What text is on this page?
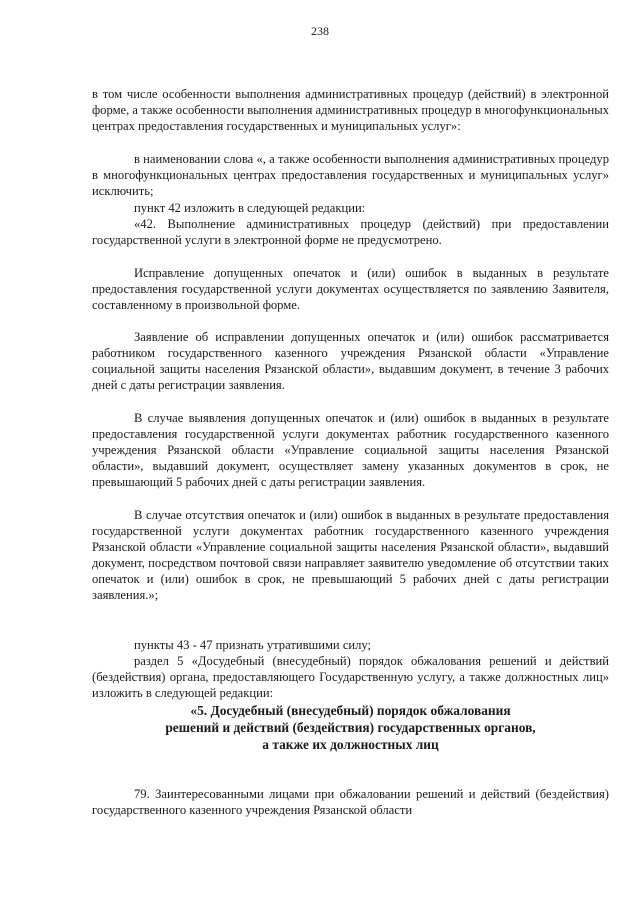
238

в том числе особенности выполнения административных процедур (действий) в электронной форме, а также особенности выполнения административных процедур в многофункциональных центрах предоставления государственных и муниципальных услуг»:

в наименовании слова «, а также особенности выполнения административных процедур в многофункциональных центрах предоставления государственных и муниципальных услуг» исключить;

пункт 42 изложить в следующей редакции:

«42. Выполнение административных процедур (действий) при предоставлении государственной услуги в электронной форме не предусмотрено.

Исправление допущенных опечаток и (или) ошибок в выданных в результате предоставления государственной услуги документах осуществляется по заявлению Заявителя, составленному в произвольной форме.

Заявление об исправлении допущенных опечаток и (или) ошибок рассматривается работником государственного казенного учреждения Рязанской области «Управление социальной защиты населения Рязанской области», выдавшим документ, в течение 3 рабочих дней с даты регистрации заявления.

В случае выявления допущенных опечаток и (или) ошибок в выданных в результате предоставления государственной услуги документах работник государственного казенного учреждения Рязанской области «Управление социальной защиты населения Рязанской области», выдавший документ, осуществляет замену указанных документов в срок, не превышающий 5 рабочих дней с даты регистрации заявления.

В случае отсутствия опечаток и (или) ошибок в выданных в результате предоставления государственной услуги документах работник государственного казенного учреждения Рязанской области «Управление социальной защиты населения Рязанской области», выдавший документ, посредством почтовой связи направляет заявителю уведомление об отсутствии таких опечаток и (или) ошибок в срок, не превышающий 5 рабочих дней с даты регистрации заявления.»;

пункты 43 - 47 признать утратившими силу;

раздел 5 «Досудебный (внесудебный) порядок обжалования решений и действий (бездействия) органа, предоставляющего Государственную услугу, а также должностных лиц» изложить в следующей редакции:

«5. Досудебный (внесудебный) порядок обжалования
решений и действий (бездействия) государственных органов,
а также их должностных лиц

79. Заинтересованными лицами при обжаловании решений и действий (бездействия) государственного казенного учреждения Рязанской области
